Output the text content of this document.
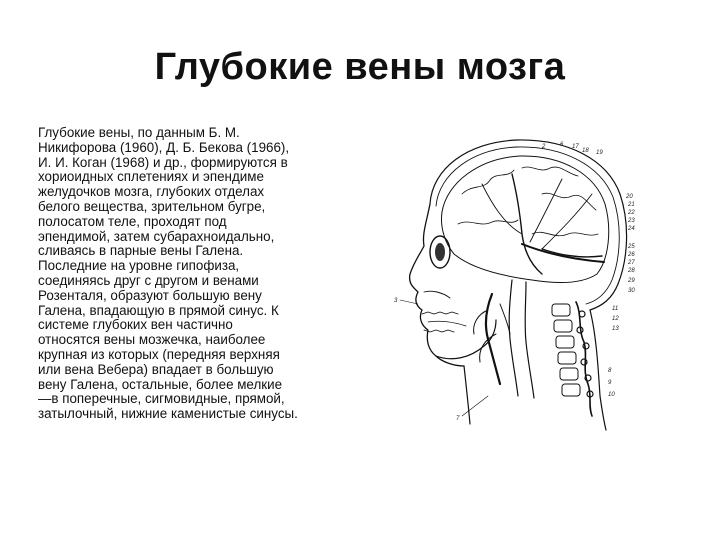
Глубокие вены мозга
Глубокие вены, по данным Б. М.
Никифорова (1960), Д. Б. Бекова (1966),
И. И. Коган (1968) и др., формируются в
хориоидных сплетениях и эпендиме
желудочков мозга, глубоких отделах
белого вещества, зрительном бугре,
полосатом теле, проходят под
эпендимой, затем субарахноидально,
сливаясь в парные вены Галена.
Последние на уровне гипофиза,
соединяясь друг с другом и венами
Розенталя, образуют большую вену
Галена, впадающую в прямой синус. К
системе глубоких вен частично
относятся вены мозжечка, наиболее
крупная из которых (передняя верхняя
или вена Вебера) впадает в большую
вену Галена, остальные, более мелкие
—в поперечные, сигмовидные, прямой,
затылочный, нижние каменистые синусы.
2 6 17
18 19
20
21
22
23
24
25
26
27
28
29
30
11
12
13
3
7
8
9
10
